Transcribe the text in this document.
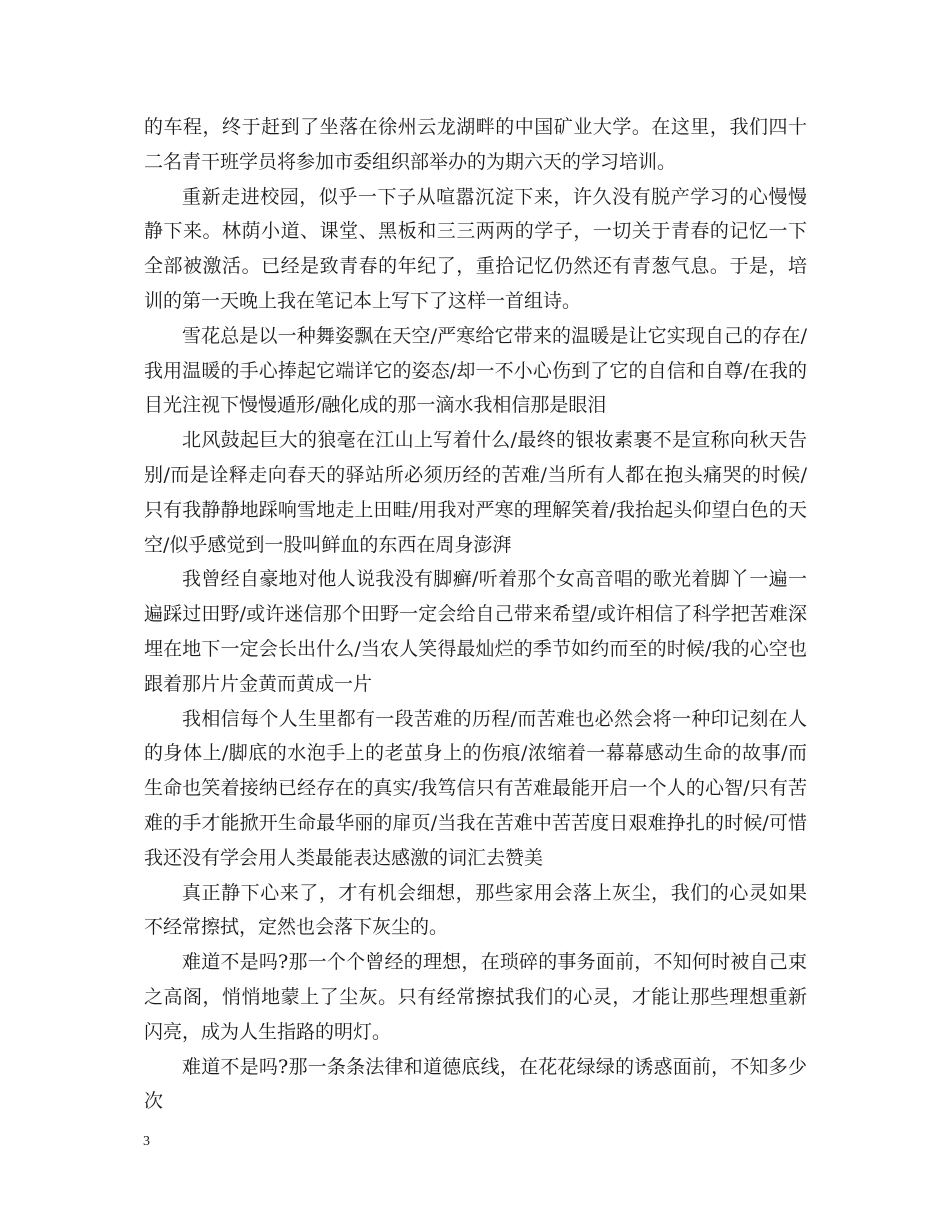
的车程，终于赶到了坐落在徐州云龙湖畔的中国矿业大学。在这里，我们四十二名青干班学员将参加市委组织部举办的为期六天的学习培训。

重新走进校园，似乎一下子从喧嚣沉淀下来，许久没有脱产学习的心慢慢静下来。林荫小道、课堂、黑板和三三两两的学子，一切关于青春的记忆一下全部被激活。已经是致青春的年纪了，重拾记忆仍然还有青葱气息。于是，培训的第一天晚上我在笔记本上写下了这样一首组诗。

雪花总是以一种舞姿飘在天空/严寒给它带来的温暖是让它实现自己的存在/我用温暖的手心捧起它端详它的姿态/却一不小心伤到了它的自信和自尊/在我的目光注视下慢慢遁形/融化成的那一滴水我相信那是眼泪

北风鼓起巨大的狼毫在江山上写着什么/最终的银妆素裹不是宣称向秋天告别/而是诠释走向春天的驿站所必须历经的苦难/当所有人都在抱头痛哭的时候/只有我静静地踩响雪地走上田畦/用我对严寒的理解笑着/我抬起头仰望白色的天空/似乎感觉到一股叫鲜血的东西在周身澎湃

我曾经自豪地对他人说我没有脚癣/听着那个女高音唱的歌光着脚丫一遍一遍踩过田野/或许迷信那个田野一定会给自己带来希望/或许相信了科学把苦难深埋在地下一定会长出什么/当农人笑得最灿烂的季节如约而至的时候/我的心空也跟着那片片金黄而黄成一片

我相信每个人生里都有一段苦难的历程/而苦难也必然会将一种印记刻在人的身体上/脚底的水泡手上的老茧身上的伤痕/浓缩着一幕幕感动生命的故事/而生命也笑着接纳已经存在的真实/我笃信只有苦难最能开启一个人的心智/只有苦难的手才能掀开生命最华丽的扉页/当我在苦难中苦苦度日艰难挣扎的时候/可惜我还没有学会用人类最能表达感激的词汇去赞美

真正静下心来了，才有机会细想，那些家用会落上灰尘，我们的心灵如果不经常擦拭，定然也会落下灰尘的。

难道不是吗?那一个个曾经的理想，在琐碎的事务面前，不知何时被自己束之高阁，悄悄地蒙上了尘灰。只有经常擦拭我们的心灵，才能让那些理想重新闪亮，成为人生指路的明灯。

难道不是吗?那一条条法律和道德底线，在花花绿绿的诱惑面前，不知多少次

3
